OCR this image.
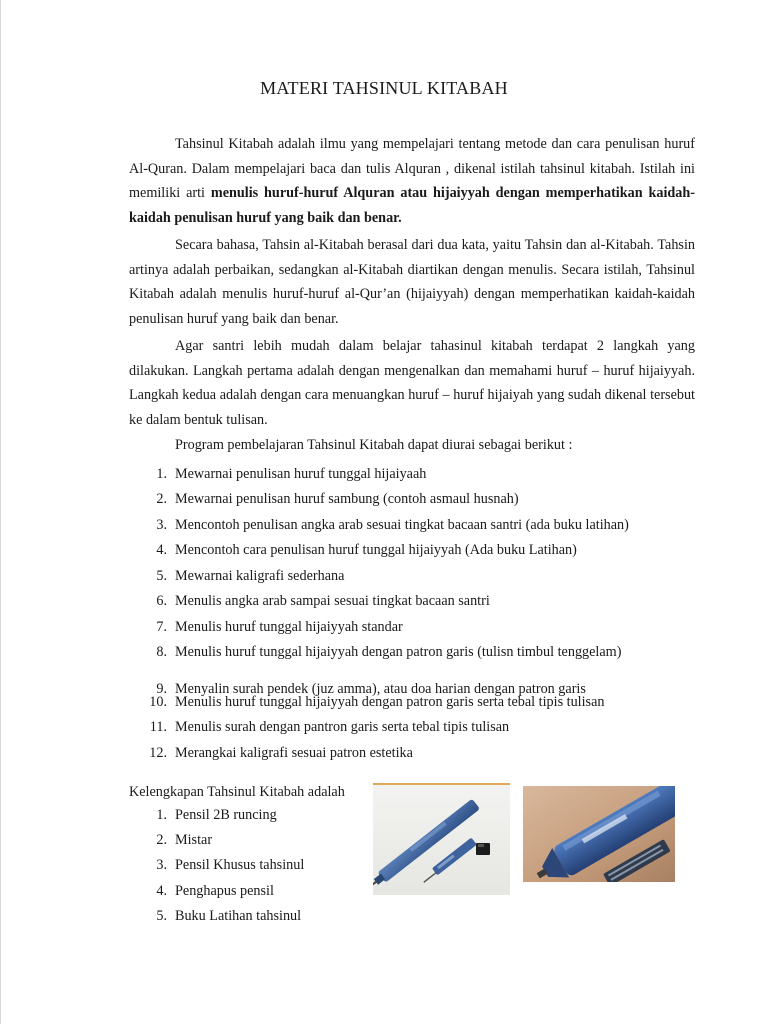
MATERI TAHSINUL KITABAH

Tahsinul Kitabah adalah ilmu yang mempelajari tentang metode dan cara penulisan huruf Al-Quran. Dalam mempelajari baca dan tulis Alquran , dikenal istilah tahsinul kitabah. Istilah ini memiliki arti menulis huruf-huruf Alquran atau hijaiyyah dengan memperhatikan kaidah-kaidah penulisan huruf yang baik dan benar.

Secara bahasa, Tahsin al-Kitabah berasal dari dua kata, yaitu Tahsin dan al-Kitabah. Tahsin artinya adalah perbaikan, sedangkan al-Kitabah diartikan dengan menulis. Secara istilah, Tahsinul Kitabah adalah menulis huruf-huruf al-Qur’an (hijaiyyah) dengan memperhatikan kaidah-kaidah penulisan huruf yang baik dan benar.

Agar santri lebih mudah dalam belajar tahasinul kitabah terdapat 2 langkah yang dilakukan. Langkah pertama adalah dengan mengenalkan dan memahami huruf – huruf hijaiyyah. Langkah kedua adalah dengan cara menuangkan huruf – huruf hijaiyah yang sudah dikenal tersebut ke dalam bentuk tulisan.

Program pembelajaran Tahsinul Kitabah dapat diurai sebagai berikut :

1. Mewarnai penulisan huruf tunggal hijaiyaah
2. Mewarnai penulisan huruf sambung (contoh asmaul husnah)
3. Mencontoh penulisan angka arab sesuai tingkat bacaan santri (ada buku latihan)
4. Mencontoh cara penulisan huruf tunggal hijaiyyah (Ada buku Latihan)
5. Mewarnai kaligrafi sederhana
6. Menulis angka arab sampai sesuai tingkat bacaan santri
7. Menulis huruf tunggal hijaiyyah standar
8. Menulis huruf tunggal hijaiyyah dengan patron garis (tulisn timbul tenggelam)
9. Menyalin surah pendek (juz amma), atau doa harian dengan patron garis
10. Menulis huruf tunggal hijaiyyah dengan patron garis serta tebal tipis tulisan
11. Menulis surah dengan pantron garis serta tebal tipis tulisan
12. Merangkai kaligrafi sesuai patron estetika
Kelengkapan Tahsinul Kitabah adalah
1. Pensil 2B runcing
2. Mistar
3. Pensil Khusus tahsinul
4. Penghapus pensil
5. Buku Latihan tahsinul
